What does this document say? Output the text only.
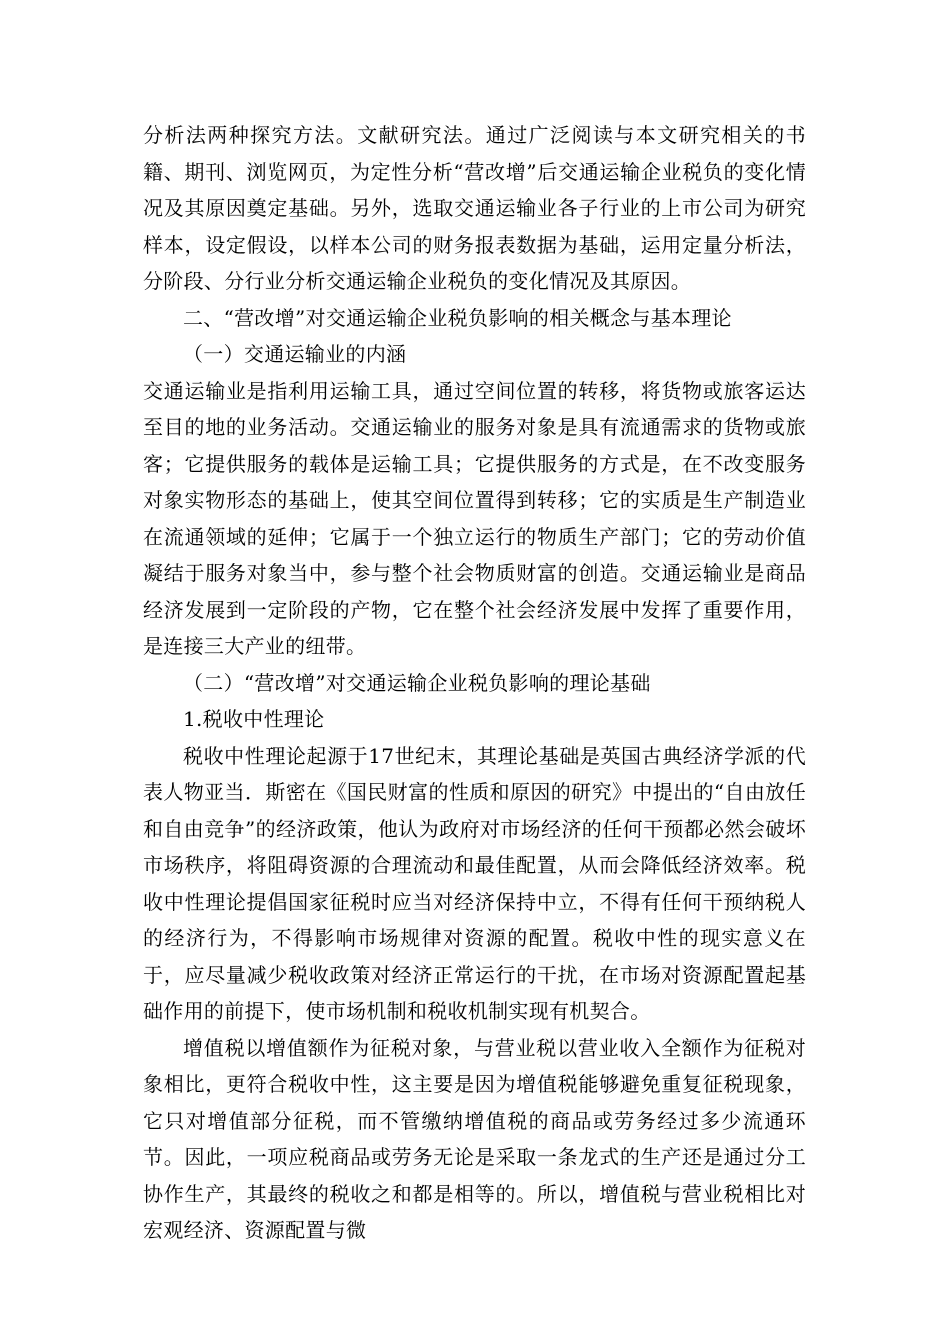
分析法两种探究方法。文献研究法。通过广泛阅读与本文研究相关的书籍、期刊、浏览网页，为定性分析“营改增”后交通运输企业税负的变化情况及其原因奠定基础。另外，选取交通运输业各子行业的上市公司为研究样本，设定假设，以样本公司的财务报表数据为基础，运用定量分析法，分阶段、分行业分析交通运输企业税负的变化情况及其原因。

二、“营改增”对交通运输企业税负影响的相关概念与基本理论

（一）交通运输业的内涵

交通运输业是指利用运输工具，通过空间位置的转移，将货物或旅客运达至目的地的业务活动。交通运输业的服务对象是具有流通需求的货物或旅客；它提供服务的载体是运输工具；它提供服务的方式是，在不改变服务对象实物形态的基础上，使其空间位置得到转移；它的实质是生产制造业在流通领域的延伸；它属于一个独立运行的物质生产部门；它的劳动价值凝结于服务对象当中，参与整个社会物质财富的创造。交通运输业是商品经济发展到一定阶段的产物，它在整个社会经济发展中发挥了重要作用，是连接三大产业的纽带。

（二）“营改增”对交通运输企业税负影响的理论基础

1.税收中性理论

税收中性理论起源于17世纪末，其理论基础是英国古典经济学派的代表人物亚当．斯密在《国民财富的性质和原因的研究》中提出的“自由放任和自由竞争”的经济政策，他认为政府对市场经济的任何干预都必然会破坏市场秩序，将阻碍资源的合理流动和最佳配置，从而会降低经济效率。税收中性理论提倡国家征税时应当对经济保持中立，不得有任何干预纳税人的经济行为，不得影响市场规律对资源的配置。税收中性的现实意义在于，应尽量减少税收政策对经济正常运行的干扰，在市场对资源配置起基础作用的前提下，使市场机制和税收机制实现有机契合。

增值税以增值额作为征税对象，与营业税以营业收入全额作为征税对象相比，更符合税收中性，这主要是因为增值税能够避免重复征税现象，它只对增值部分征税，而不管缴纳增值税的商品或劳务经过多少流通环节。因此，一项应税商品或劳务无论是采取一条龙式的生产还是通过分工协作生产，其最终的税收之和都是相等的。所以，增值税与营业税相比对宏观经济、资源配置与微
